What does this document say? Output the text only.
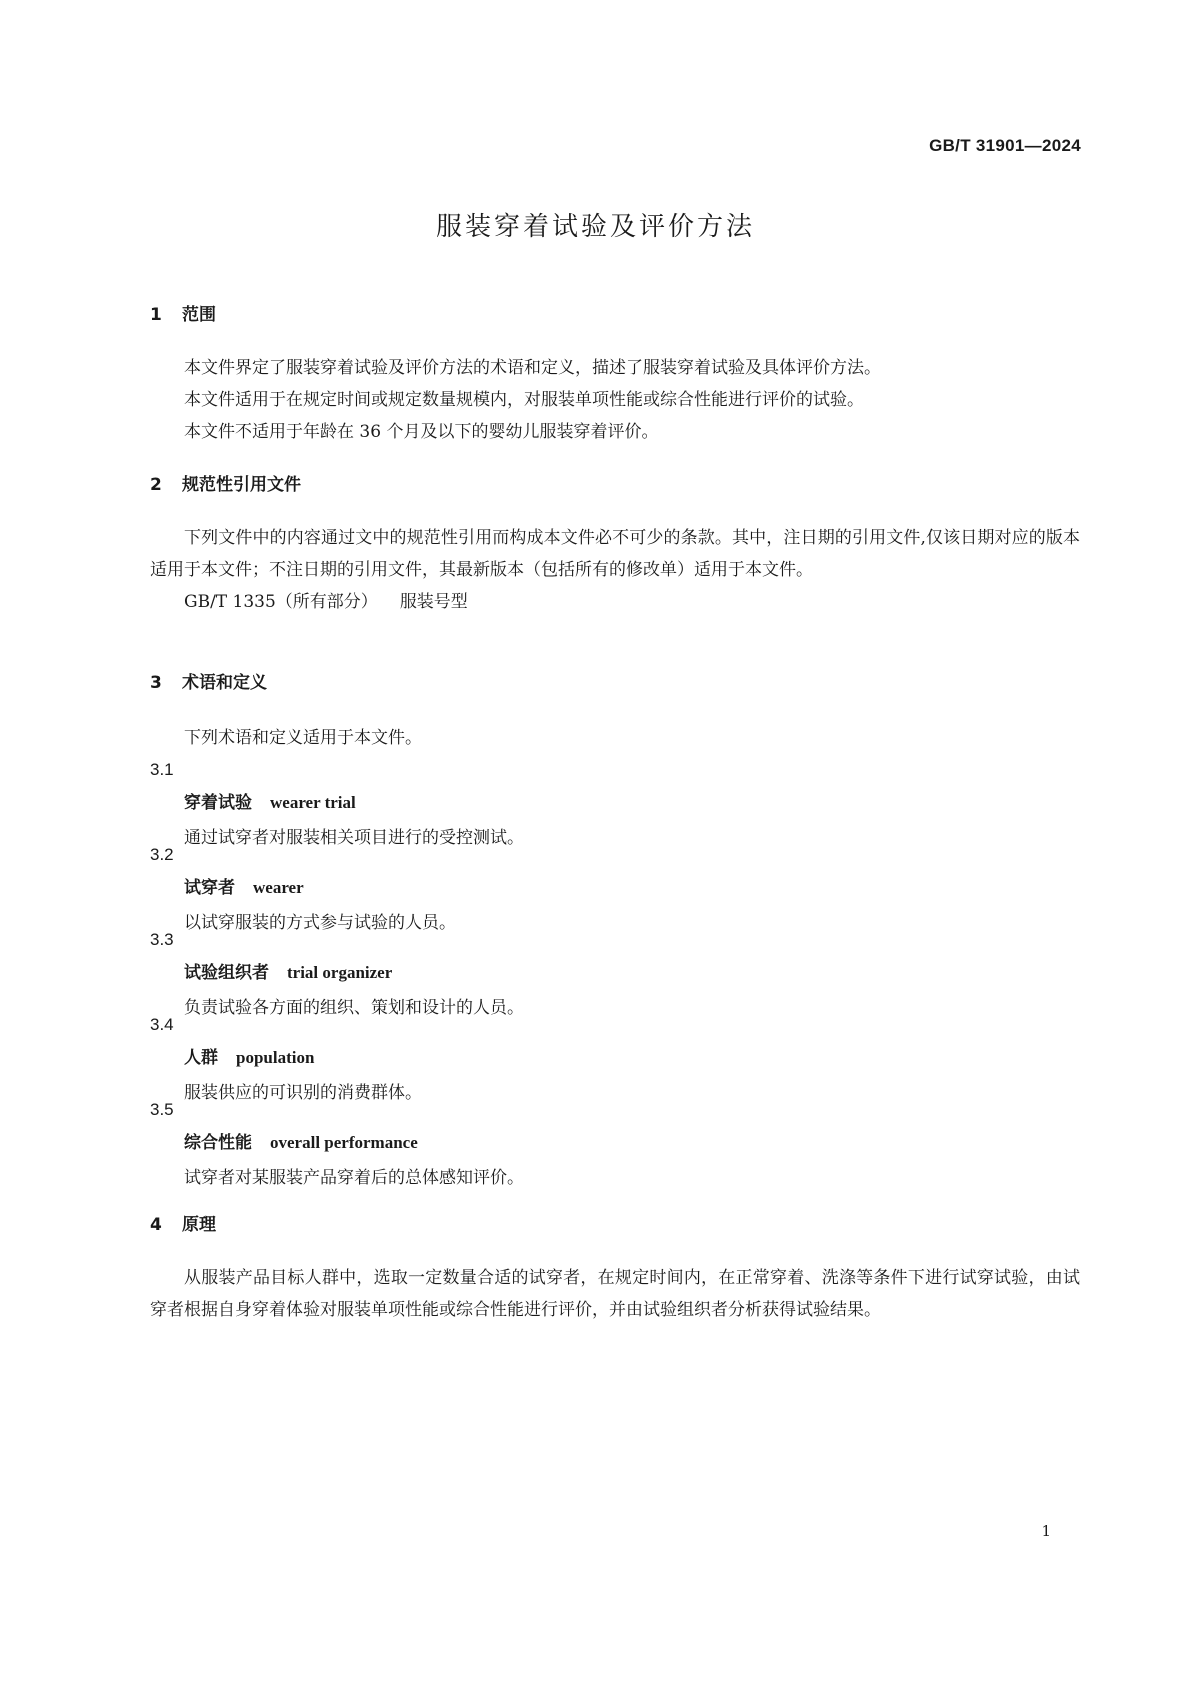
GB/T 31901—2024
服装穿着试验及评价方法
1 范围

本文件界定了服装穿着试验及评价方法的术语和定义，描述了服装穿着试验及具体评价方法。

本文件适用于在规定时间或规定数量规模内，对服装单项性能或综合性能进行评价的试验。

本文件不适用于年龄在 36 个月及以下的婴幼儿服装穿着评价。

2 规范性引用文件

下列文件中的内容通过文中的规范性引用而构成本文件必不可少的条款。其中，注日期的引用文件,仅该日期对应的版本适用于本文件；不注日期的引用文件，其最新版本（包括所有的修改单）适用于本文件。

GB/T 1335（所有部分） 服装号型

3 术语和定义

下列术语和定义适用于本文件。

3.1
穿着试验 wearer trial
通过试穿者对服装相关项目进行的受控测试。
3.2
试穿者 wearer
以试穿服装的方式参与试验的人员。
3.3
试验组织者 trial organizer
负责试验各方面的组织、策划和设计的人员。
3.4
人群 population
服装供应的可识别的消费群体。
3.5
综合性能 overall performance
试穿者对某服装产品穿着后的总体感知评价。
4 原理

从服装产品目标人群中，选取一定数量合适的试穿者，在规定时间内，在正常穿着、洗涤等条件下进行试穿试验，由试穿者根据自身穿着体验对服装单项性能或综合性能进行评价，并由试验组织者分析获得试验结果。

1
